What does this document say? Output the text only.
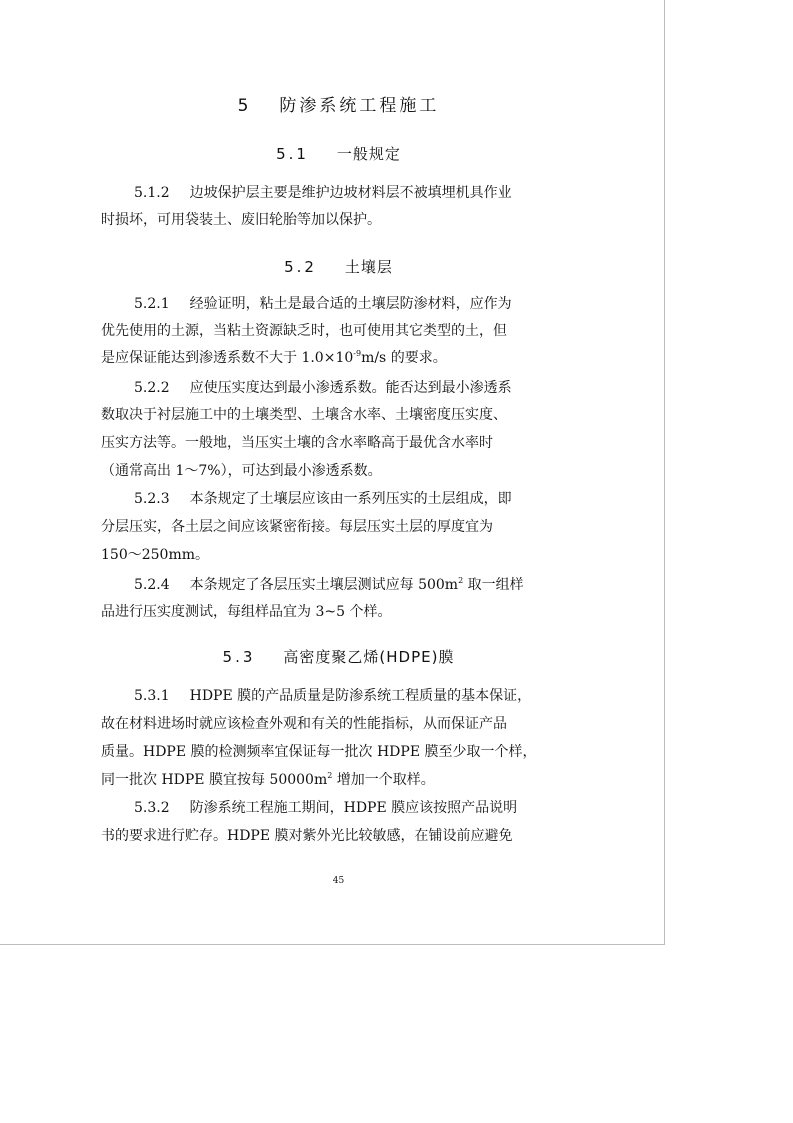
5 防渗系统工程施工
5.1 一般规定
5.1.2 边坡保护层主要是维护边坡材料层不被填埋机具作业
时损坏，可用袋装土、废旧轮胎等加以保护。
5.2 土壤层
5.2.1 经验证明，粘土是最合适的土壤层防渗材料，应作为
优先使用的土源，当粘土资源缺乏时，也可使用其它类型的土，但
是应保证能达到渗透系数不大于 $1.0\times 10^{-9}m/s$ 的要求。
5.2.2 应使压实度达到最小渗透系数。能否达到最小渗透系
数取决于衬层施工中的土壤类型、土壤含水率、土壤密度压实度、
压实方法等。一般地，当压实土壤的含水率略高于最优含水率时
（通常高出 1～7%），可达到最小渗透系数。
5.2.3 本条规定了土壤层应该由一系列压实的土层组成，即
分层压实，各土层之间应该紧密衔接。每层压实土层的厚度宜为
150～250mm。
5.2.4 本条规定了各层压实土壤层测试应每 $500m^2$ 取一组样
品进行压实度测试，每组样品宜为 3~5 个样。
5.3 高密度聚乙烯(HDPE)膜
5.3.1 HDPE 膜的产品质量是防渗系统工程质量的基本保证，
故在材料进场时就应该检查外观和有关的性能指标，从而保证产品
质量。HDPE 膜的检测频率宜保证每一批次 HDPE 膜至少取一个样，
同一批次 HDPE 膜宜按每 $50000m^2$ 增加一个取样。
5.3.2 防渗系统工程施工期间，HDPE 膜应该按照产品说明
书的要求进行贮存。HDPE 膜对紫外光比较敏感，在铺设前应避免
45
